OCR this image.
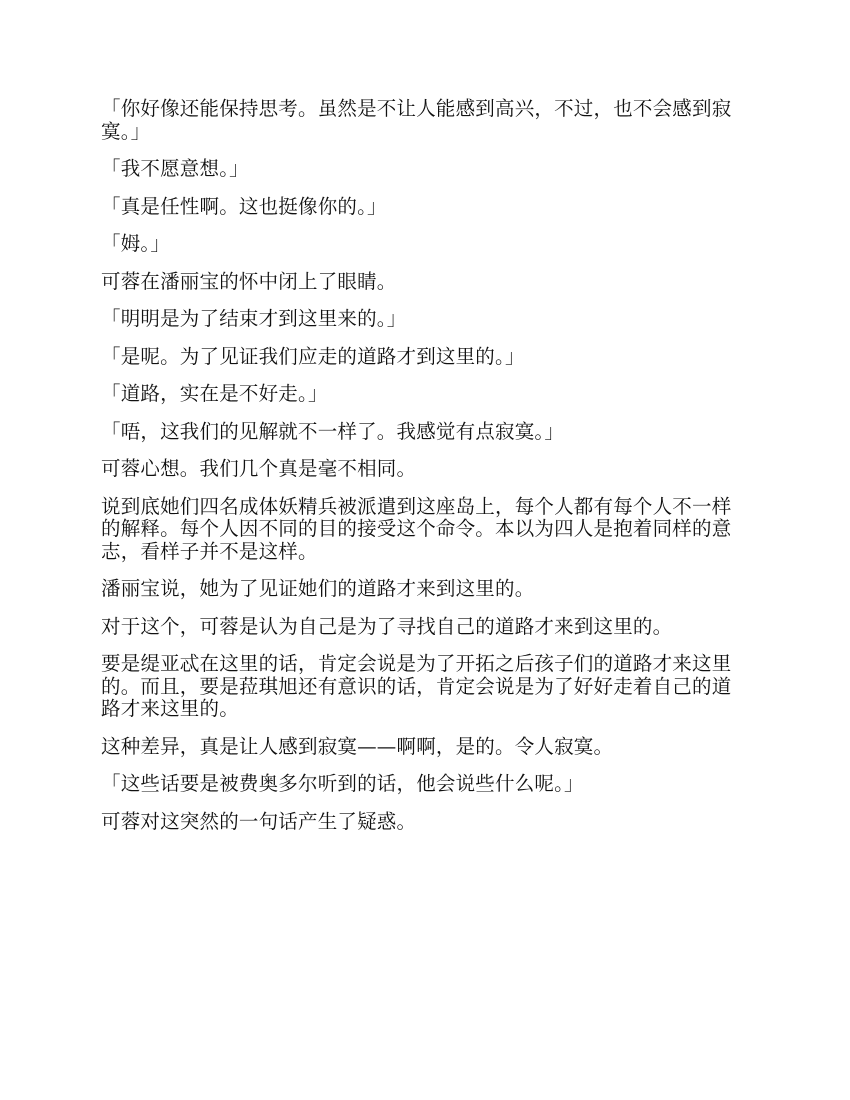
「你好像还能保持思考。虽然是不让人能感到高兴，不过，也不会感到寂寞。」

「我不愿意想。」

「真是任性啊。这也挺像你的。」

「姆。」

可蓉在潘丽宝的怀中闭上了眼睛。

「明明是为了结束才到这里来的。」

「是呢。为了见证我们应走的道路才到这里的。」

「道路，实在是不好走。」

「唔，这我们的见解就不一样了。我感觉有点寂寞。」

可蓉心想。我们几个真是毫不相同。

说到底她们四名成体妖精兵被派遣到这座岛上，每个人都有每个人不一样的解释。每个人因不同的目的接受这个命令。本以为四人是抱着同样的意志，看样子并不是这样。

潘丽宝说，她为了见证她们的道路才来到这里的。

对于这个，可蓉是认为自己是为了寻找自己的道路才来到这里的。

要是缇亚忒在这里的话，肯定会说是为了开拓之后孩子们的道路才来这里的。而且，要是菈琪旭还有意识的话，肯定会说是为了好好走着自己的道路才来这里的。

这种差异，真是让人感到寂寞——啊啊，是的。令人寂寞。

「这些话要是被费奥多尔听到的话，他会说些什么呢。」

可蓉对这突然的一句话产生了疑惑。
